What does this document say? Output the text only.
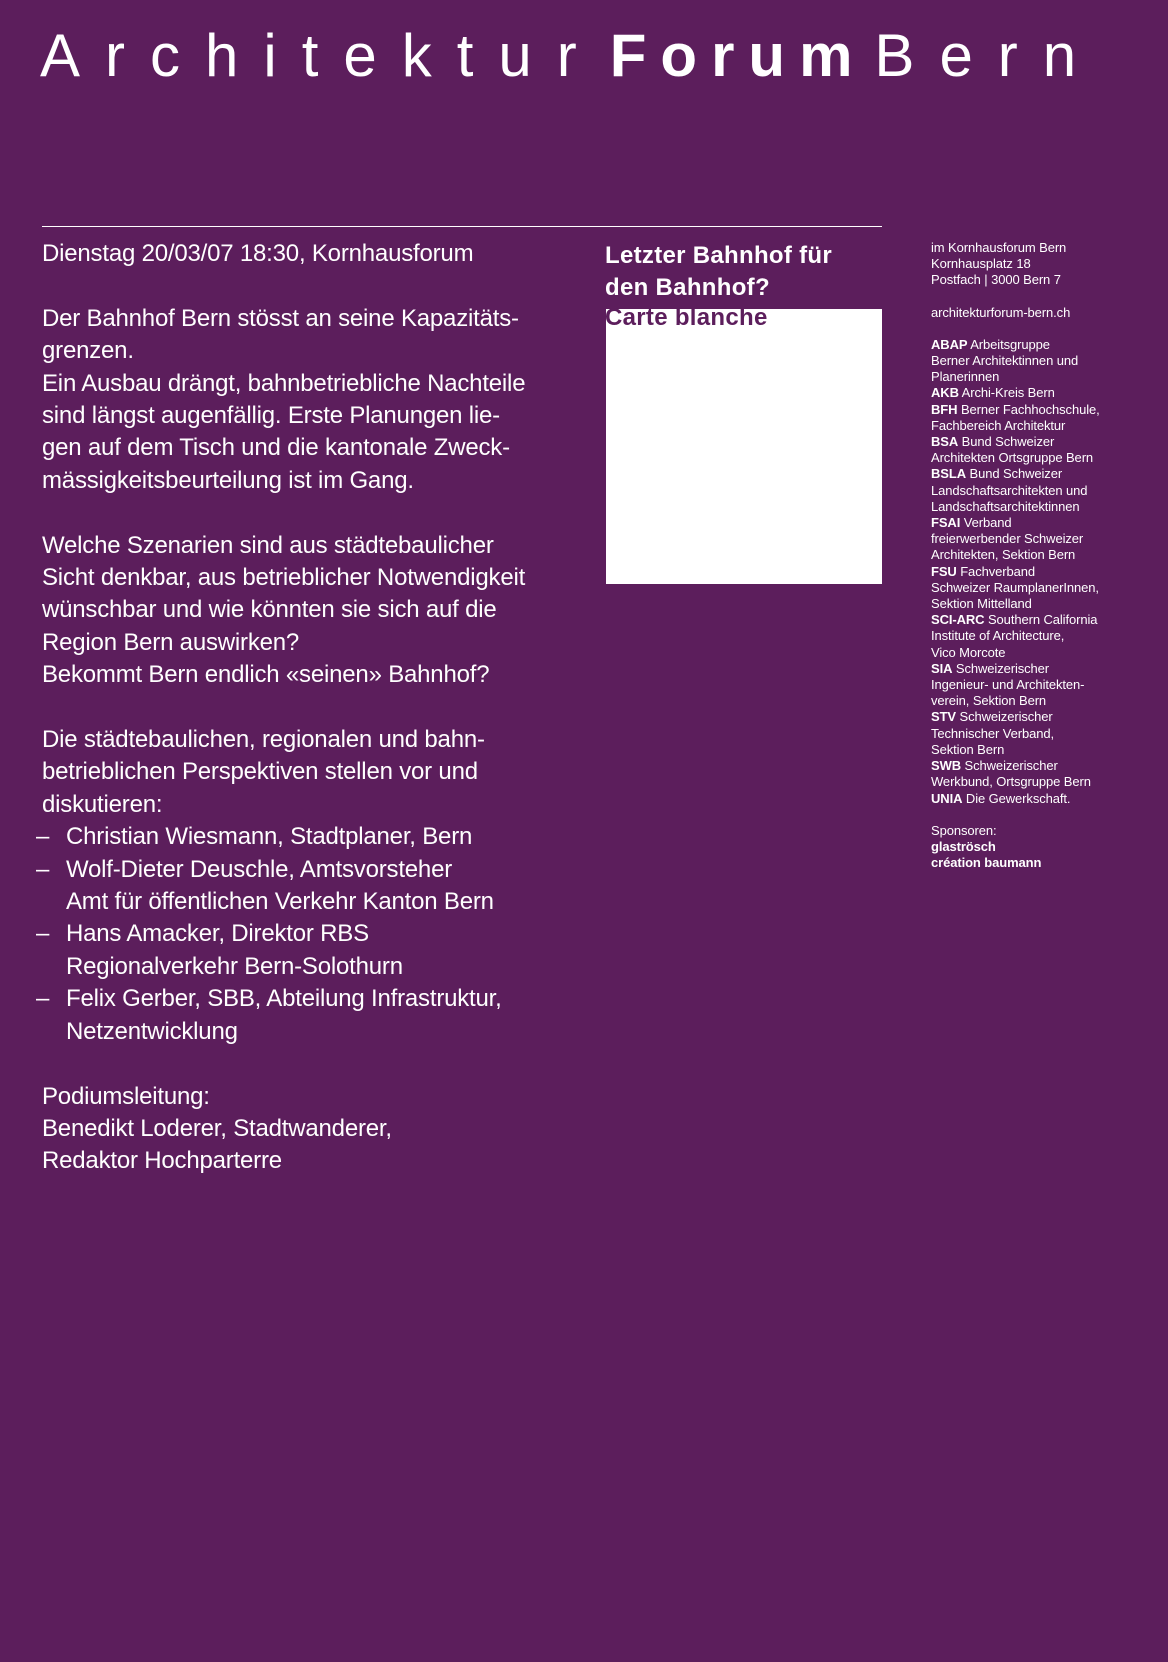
Architektur Forum Bern

Dienstag 20/03/07 18:30, Kornhausforum

Der Bahnhof Bern stösst an seine Kapazitäts-

grenzen.

Ein Ausbau drängt, bahnbetriebliche Nachteile

sind längst augenfällig. Erste Planungen lie-

gen auf dem Tisch und die kantonale Zweck-

mässigkeitsbeurteilung ist im Gang.

Welche Szenarien sind aus städtebaulicher

Sicht denkbar, aus betrieblicher Notwendigkeit

wünschbar und wie könnten sie sich auf die

Region Bern auswirken?

Bekommt Bern endlich «seinen» Bahnhof?

Die städtebaulichen, regionalen und bahn-

betrieblichen Perspektiven stellen vor und

diskutieren:

– Christian Wiesmann, Stadtplaner, Bern

– Wolf-Dieter Deuschle, Amtsvorsteher

Amt für öffentlichen Verkehr Kanton Bern

– Hans Amacker, Direktor RBS

Regionalverkehr Bern-Solothurn

– Felix Gerber, SBB, Abteilung Infrastruktur,

Netzentwicklung

Podiumsleitung:

Benedikt Loderer, Stadtwanderer,

Redaktor Hochparterre

Letzter Bahnhof für
den Bahnhof?
Carte blanche

im Kornhausforum Bern

Kornhausplatz 18

Postfach | 3000 Bern 7

architekturforum-bern.ch

ABAP Arbeitsgruppe

Berner Architektinnen und

Planerinnen

AKB Archi-Kreis Bern

BFH Berner Fachhochschule,

Fachbereich Architektur

BSA Bund Schweizer

Architekten Ortsgruppe Bern

BSLA Bund Schweizer

Landschaftsarchitekten und

Landschaftsarchitektinnen

FSAI Verband

freierwerbender Schweizer

Architekten, Sektion Bern

FSU Fachverband

Schweizer RaumplanerInnen,

Sektion Mittelland

SCI-ARC Southern California

Institute of Architecture,

Vico Morcote

SIA Schweizerischer

Ingenieur- und Architekten-

verein, Sektion Bern

STV Schweizerischer

Technischer Verband,

Sektion Bern

SWB Schweizerischer

Werkbund, Ortsgruppe Bern

UNIA Die Gewerkschaft.

Sponsoren:

glaströsch

création baumann
